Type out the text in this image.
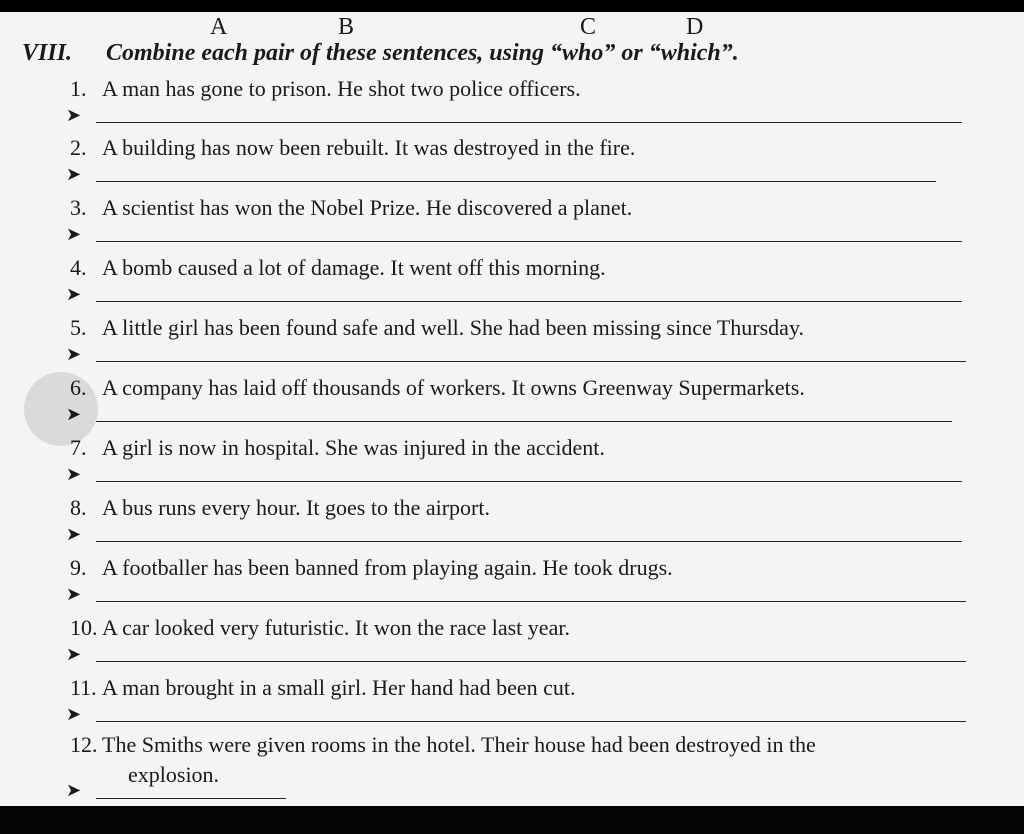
A	B	C	D
VIII. Combine each pair of these sentences, using “who” or “which”.
1. A man has gone to prison. He shot two police officers.
➤
2. A building has now been rebuilt. It was destroyed in the fire.
➤
3. A scientist has won the Nobel Prize. He discovered a planet.
➤
4. A bomb caused a lot of damage. It went off this morning.
➤
5. A little girl has been found safe and well. She had been missing since Thursday.
➤
6. A company has laid off thousands of workers. It owns Greenway Supermarkets.
➤
7. A girl is now in hospital. She was injured in the accident.
➤
8. A bus runs every hour. It goes to the airport.
➤
9. A footballer has been banned from playing again. He took drugs.
➤
10. A car looked very futuristic. It won the race last year.
➤
11. A man brought in a small girl. Her hand had been cut.
➤
12. The Smiths were given rooms in the hotel. Their house had been destroyed in the
explosion.
➤
